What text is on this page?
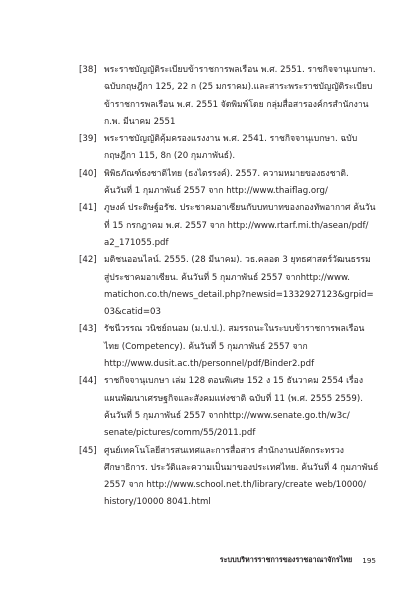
[38] พระราชบัญญัติระเบียบข้าราชการพลเรือน พ.ศ. 2551. ราชกิจจานุเบกษา.
ฉบับกฤษฎีกา 125, 22 ก (25 มกราคม).และสาระพระราชบัญญัติระเบียบ
ข้าราชการพลเรือน พ.ศ. 2551 จัดพิมพ์โดย กลุ่มสื่อสารองค์กรสำนักงาน
ก.พ. มีนาคม 2551
[39] พระราชบัญญัติคุ้มครองแรงงาน พ.ศ. 2541. ราชกิจจานุเบกษา. ฉบับ
กฤษฎีกา 115, 8ก (20 กุมภาพันธ์).
[40] พิพิธภัณฑ์ธงชาติไทย (ธงไตรรงค์). 2557. ความหมายของธงชาติ.
ค้นวันที่ 1 กุมภาพันธ์ 2557 จาก http://www.thaiflag.org/
[41] ภูษงค์ ประดิษฐ์อรัช. ประชาคมอาเซียนกับบทบาทของกองทัพอากาศ ค้นวัน
ที่ 15 กรกฎาคม พ.ศ. 2557 จาก http://www.rtarf.mi.th/asean/pdf/
a2_171055.pdf
[42] มติชนออนไลน์. 2555. (28 มีนาคม). วธ.คลอด 3 ยุทธศาสตร์วัฒนธรรม
สู่ประชาคมอาเซียน. ค้นวันที่ 5 กุมภาพันธ์ 2557 จากhttp://www.
matichon.co.th/news_detail.php?newsid=1332927123&grpid=
03&catid=03
[43] รัชนีวรรณ วนิชย์ถนอม (ม.ป.ป.). สมรรถนะในระบบข้าราชการพลเรือน
ไทย (Competency). ค้นวันที่ 5 กุมภาพันธ์ 2557 จาก
http://www.dusit.ac.th/personnel/pdf/Binder2.pdf
[44] ราชกิจจานุเบกษา เล่ม 128 ตอนพิเศษ 152 ง 15 ธันวาคม 2554 เรื่อง
แผนพัฒนาเศรษฐกิจและสังคมแห่งชาติ ฉบับที่ 11 (พ.ศ. 2555 2559).
ค้นวันที่ 5 กุมภาพันธ์ 2557 จากhttp://www.senate.go.th/w3c/
senate/pictures/comm/55/2011.pdf
[45] ศูนย์เทคโนโลยีสารสนเทศและการสื่อสาร สำนักงานปลัดกระทรวง
ศึกษาธิการ. ประวัติและความเป็นมาของประเทศไทย. ค้นวันที่ 4 กุมภาพันธ์
2557 จาก http://www.school.net.th/library/create web/10000/
history/10000 8041.html
ระบบบริหารราชการของราชอาณาจักรไทย 195
